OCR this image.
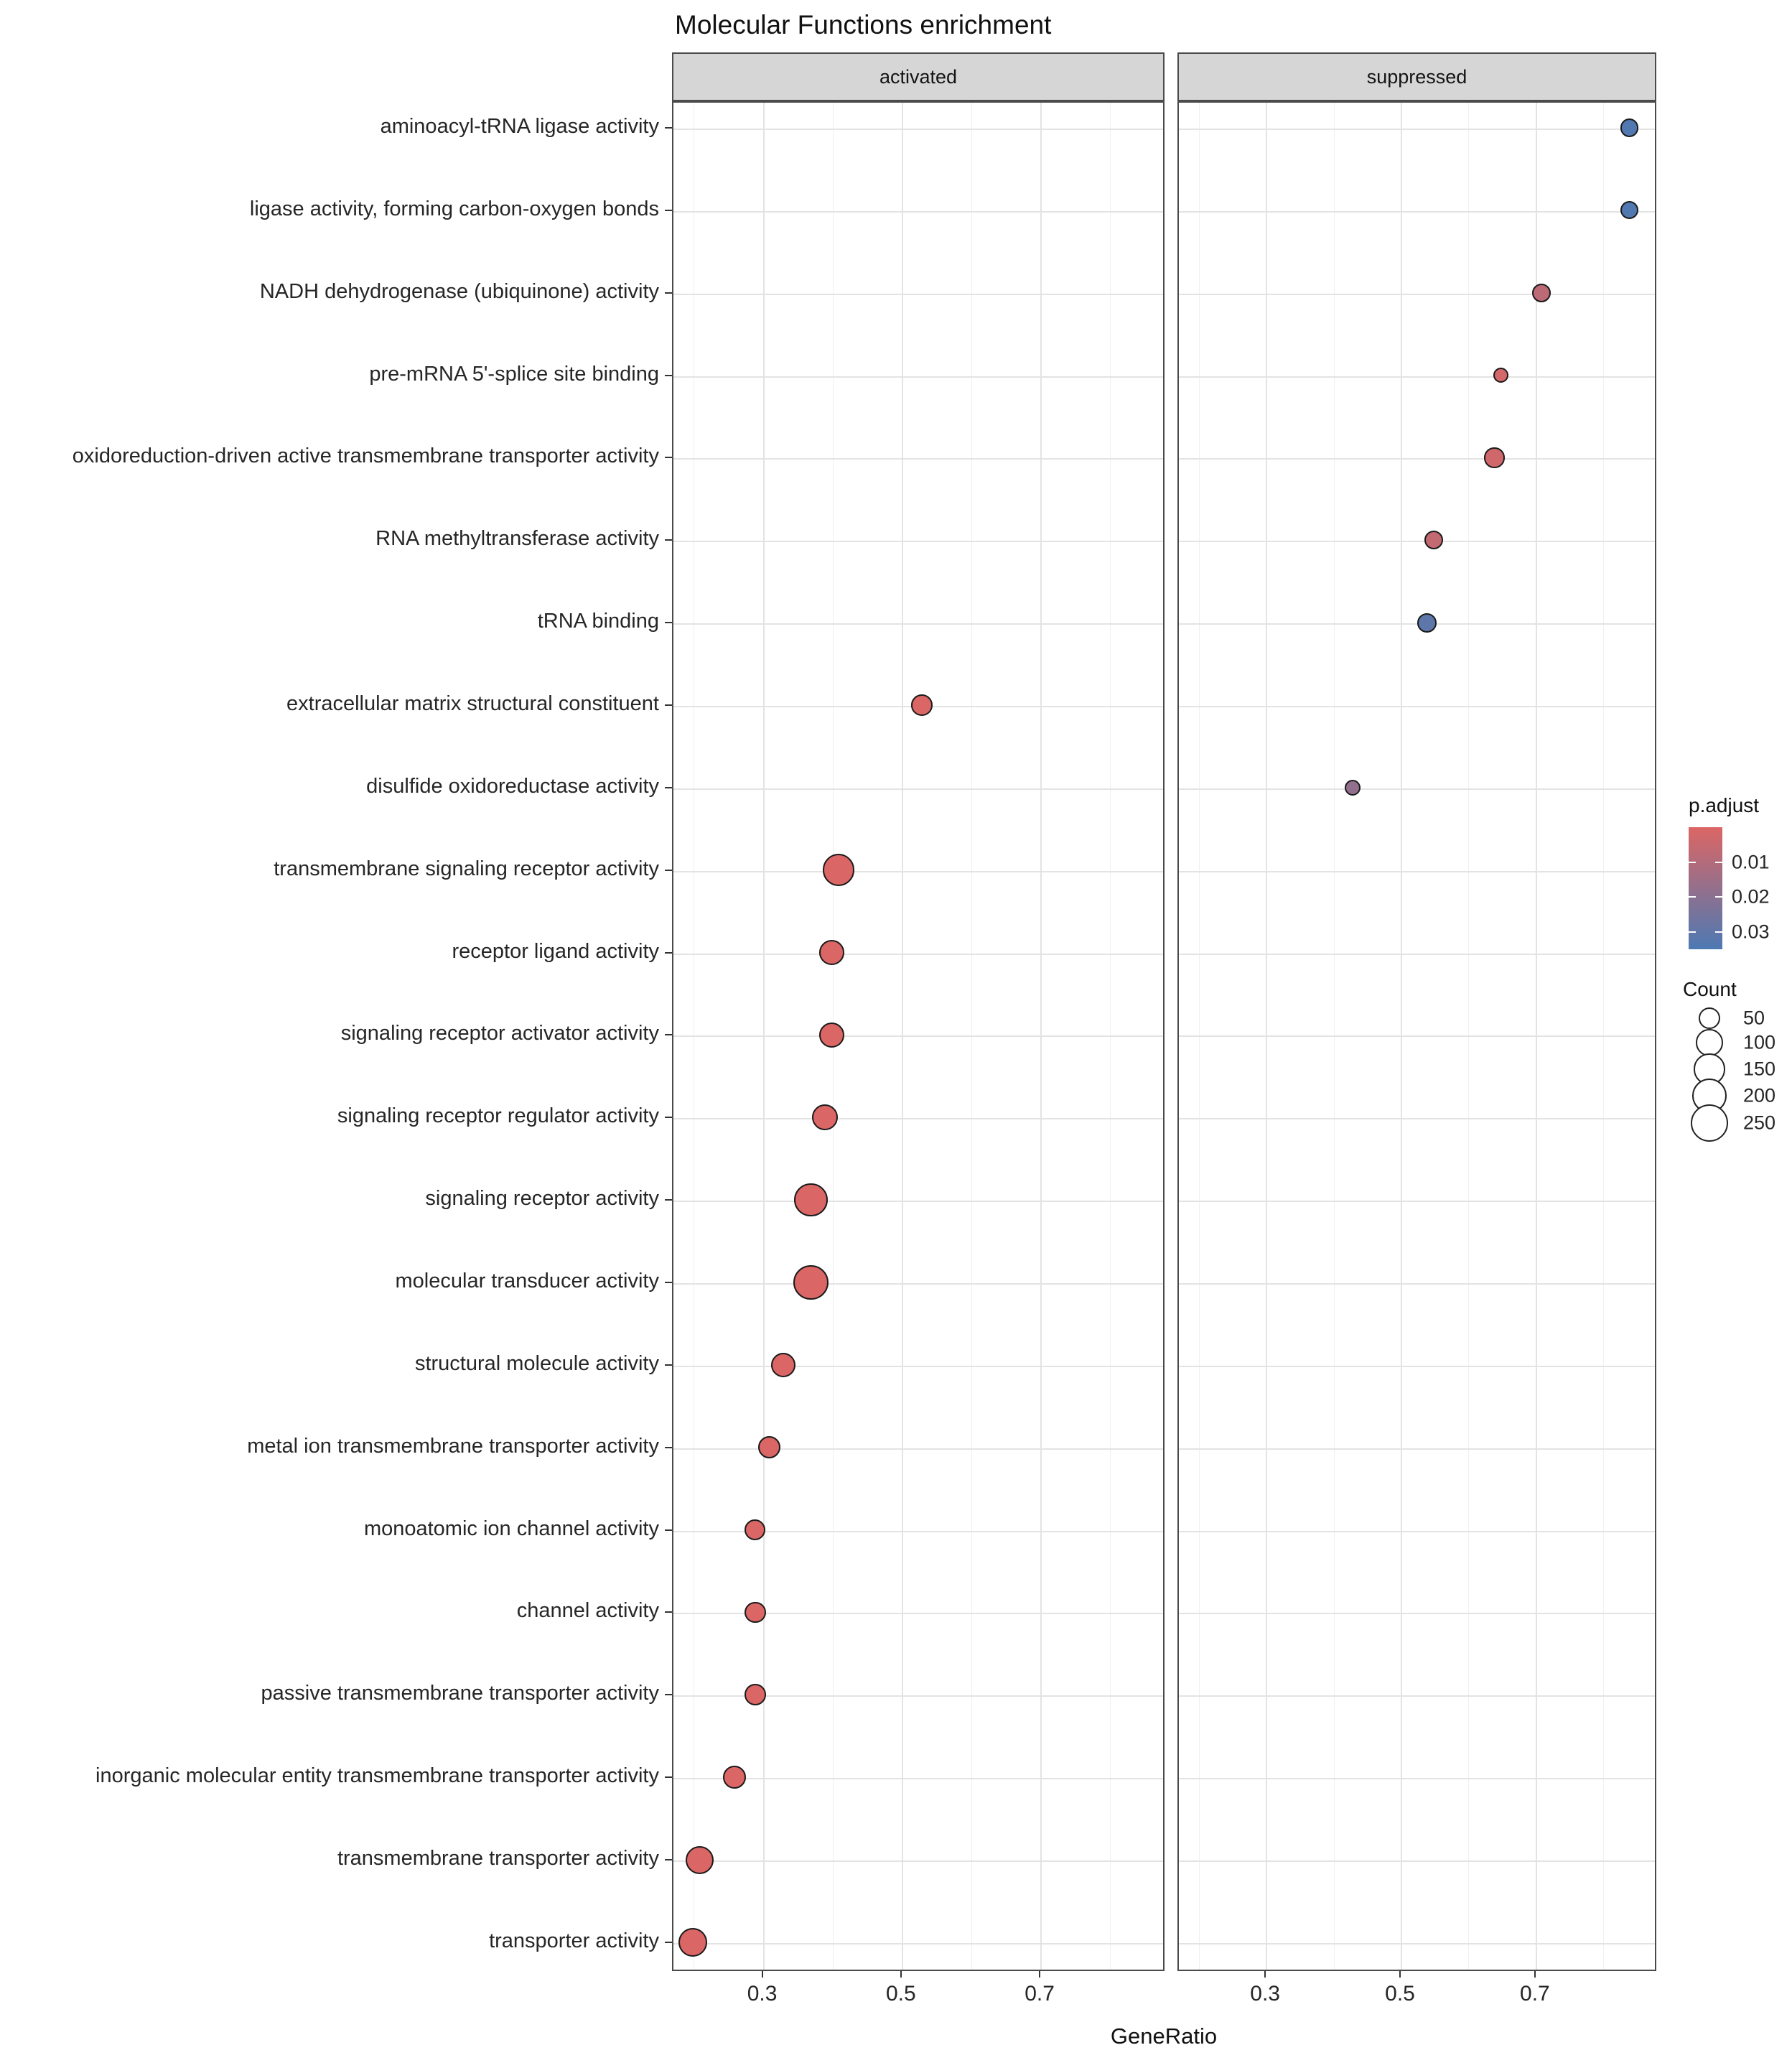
Molecular Functions enrichment
aminoacyl-tRNA ligase activity
ligase activity, forming carbon-oxygen bonds
NADH dehydrogenase (ubiquinone) activity
pre-mRNA 5'-splice site binding
oxidoreduction-driven active transmembrane transporter activity
RNA methyltransferase activity
tRNA binding
extracellular matrix structural constituent
disulfide oxidoreductase activity
transmembrane signaling receptor activity
receptor ligand activity
signaling receptor activator activity
signaling receptor regulator activity
signaling receptor activity
molecular transducer activity
structural molecule activity
metal ion transmembrane transporter activity
monoatomic ion channel activity
channel activity
passive transmembrane transporter activity
inorganic molecular entity transmembrane transporter activity
transmembrane transporter activity
transporter activity
activated
0.3	0.5	0.7
suppressed
0.3	0.5	0.7
GeneRatio
p.adjust
0.01
0.02
0.03
Count
50
100
150
200
250
